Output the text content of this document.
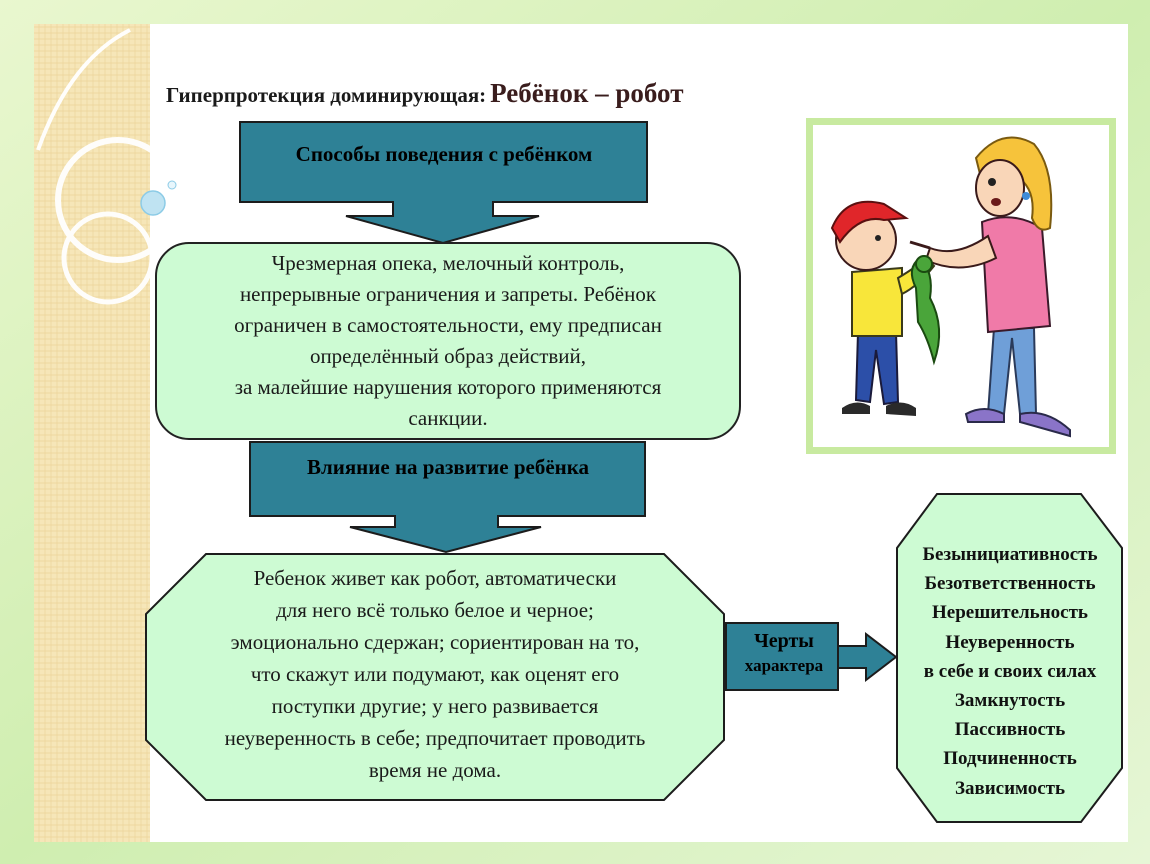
Гиперпротекция доминирующая: Ребёнок – робот
Способы поведения с ребёнком
Чрезмерная опека, мелочный контроль,
непрерывные ограничения и запреты. Ребёнок
ограничен в самостоятельности, ему предписан
определённый образ действий,
за малейшие нарушения которого применяются
санкции.
Влияние на развитие ребёнка
Ребенок живет как робот, автоматически
для него всё только белое и черное;
эмоционально сдержан; сориентирован на то,
что скажут или подумают, как оценят его
поступки другие; у него развивается
неуверенность в себе; предпочитает проводить
время не дома.
Черты
характера
Безынициативность
Безответственность
Нерешительность
Неуверенность
в себе и своих силах
Замкнутость
Пассивность
Подчиненность
Зависимость
